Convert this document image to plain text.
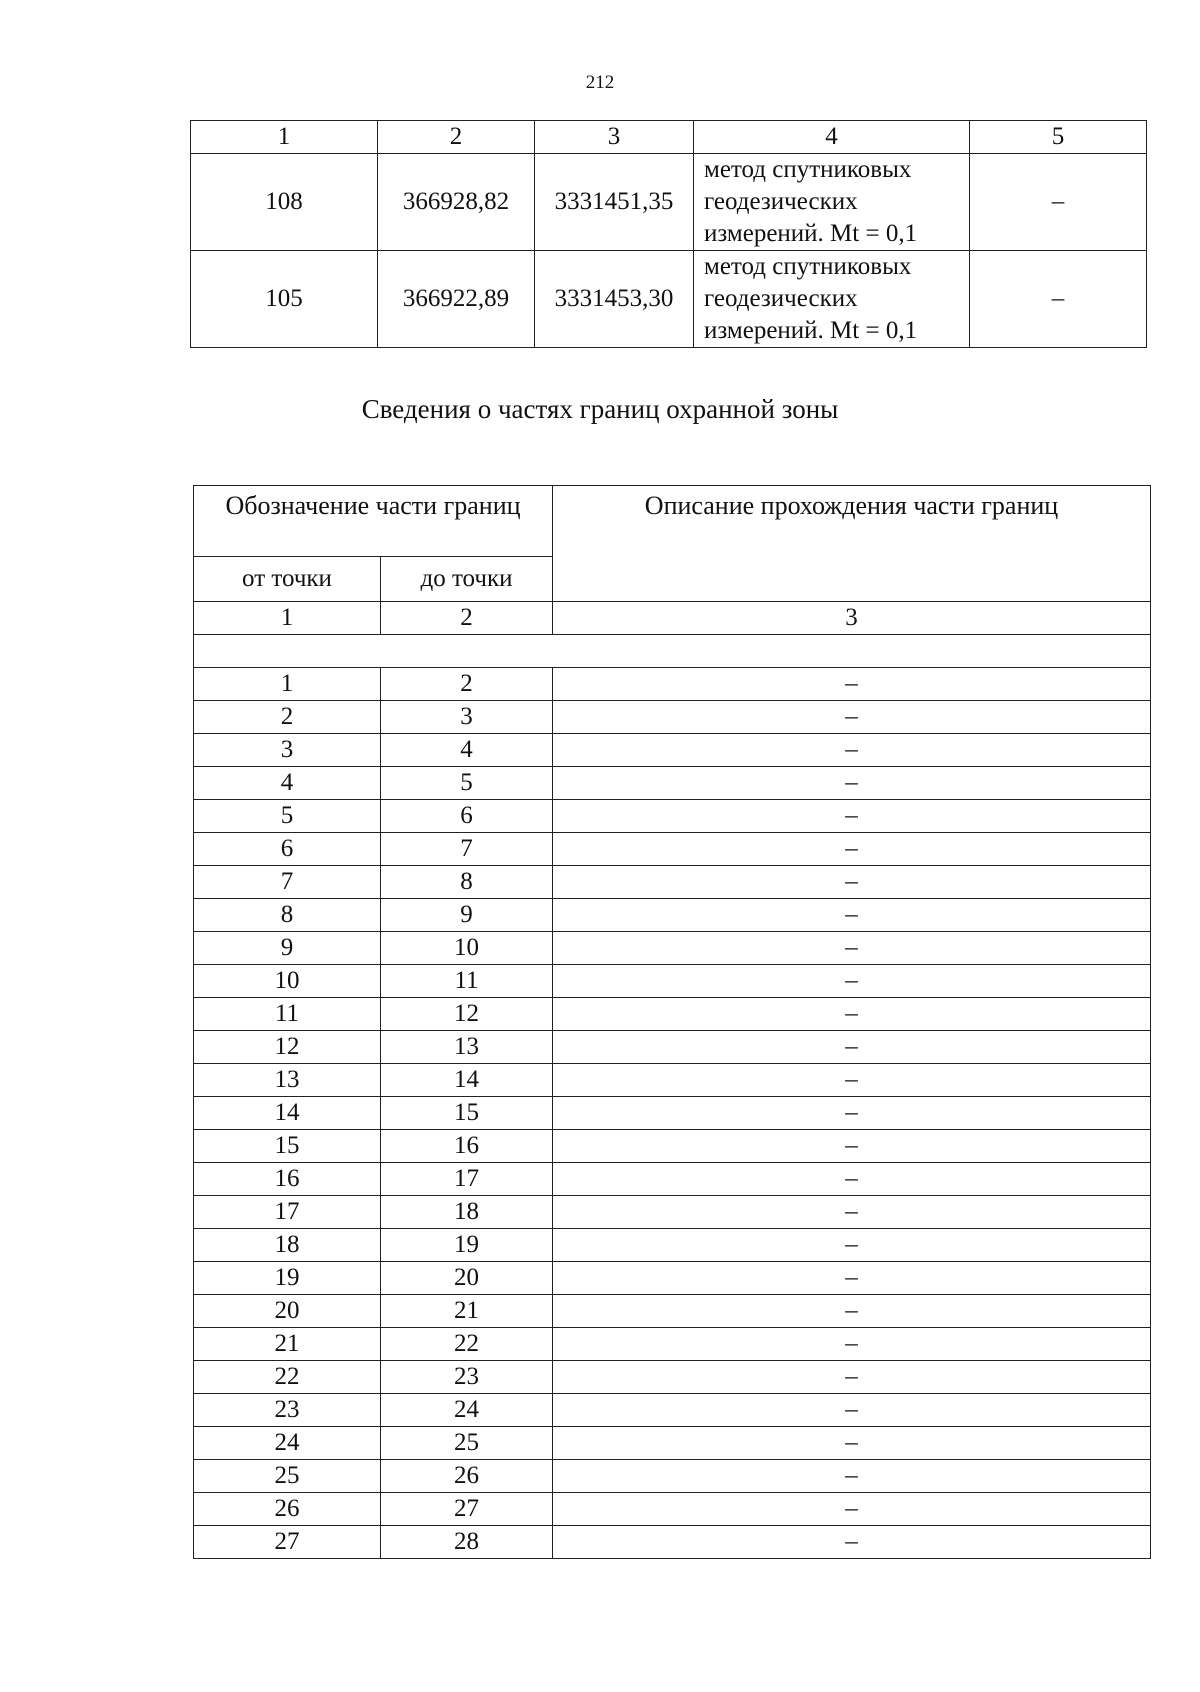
212
1	2	3	4	5
108	366928,82	3331451,35	метод спутниковых
геодезических
измерений. Mt = 0,1	–
105	366922,89	3331453,30	метод спутниковых
геодезических
измерений. Mt = 0,1	–
Сведения о частях границ охранной зоны
Обозначение части границ		Описание прохождения части границ
от точки	до точки	
1	2	3

1	2	–
2	3	–
3	4	–
4	5	–
5	6	–
6	7	–
7	8	–
8	9	–
9	10	–
10	11	–
11	12	–
12	13	–
13	14	–
14	15	–
15	16	–
16	17	–
17	18	–
18	19	–
19	20	–
20	21	–
21	22	–
22	23	–
23	24	–
24	25	–
25	26	–
26	27	–
27	28	–
